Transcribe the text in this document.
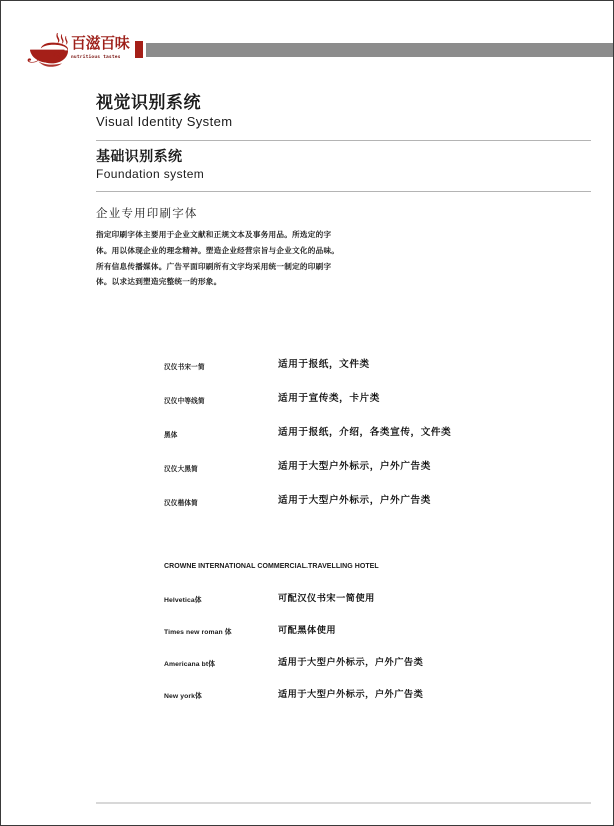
百滋百味
nutritious tastes
视觉识别系统
Visual Identity System
基础识别系统
Foundation system
企业专用印刷字体
指定印刷字体主要用于企业文献和正规文本及事务用品。所选定的字
体。用以体现企业的理念精神。塑造企业经营宗旨与企业文化的品味。
所有信息传播媒体。广告平面印刷所有文字均采用统一制定的印刷字
体。以求达到塑造完整统一的形象。
汉仪书宋一简	适用于报纸，文件类
汉仪中等线简	适用于宣传类，卡片类
黑体	适用于报纸，介绍，各类宣传，文件类
汉仪大黑简	适用于大型户外标示，户外广告类
汉仪楷体简	适用于大型户外标示，户外广告类
CROWNE INTERNATIONAL COMMERCIAL.TRAVELLING HOTEL
Helvetica体	可配汉仪书宋一简使用
Times new roman 体	可配黑体使用
Americana bt体	适用于大型户外标示，户外广告类
New york体	适用于大型户外标示，户外广告类
